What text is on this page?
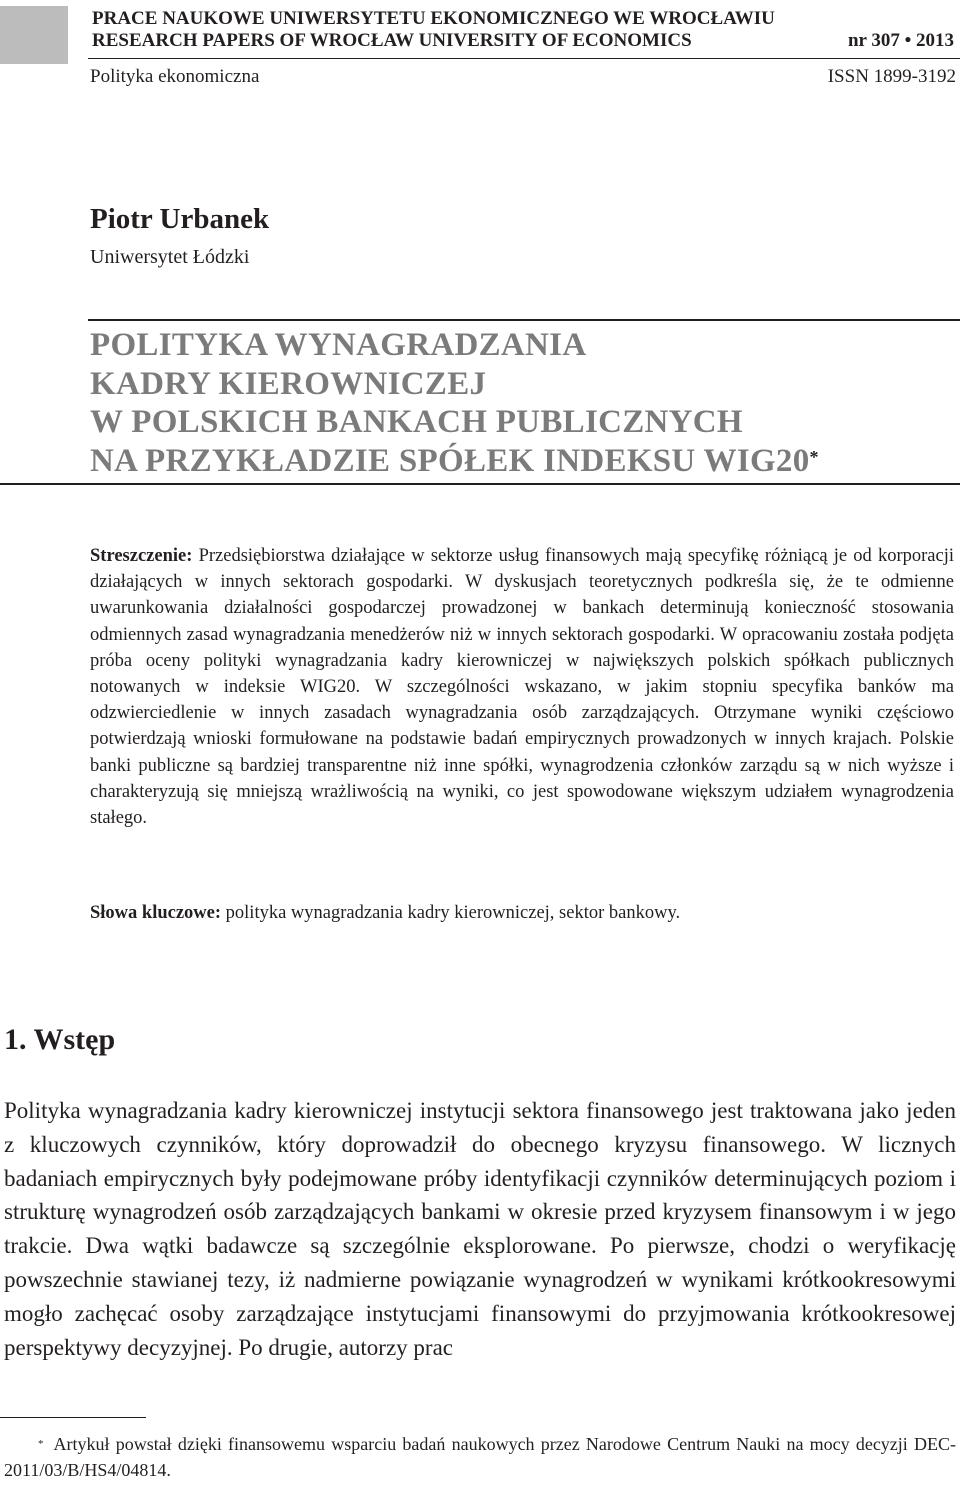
PRACE NAUKOWE UNIWERSYTETU EKONOMICZNEGO WE WROCŁAWIU
RESEARCH PAPERS OF WROCŁAW UNIVERSITY OF ECONOMICS	nr 307 • 2013
Polityka ekonomiczna	ISSN 1899-3192
Piotr Urbanek
Uniwersytet Łódzki
POLITYKA WYNAGRADZANIA
KADRY KIEROWNICZEJ
W POLSKICH BANKACH PUBLICZNYCH
NA PRZYKŁADZIE SPÓŁEK INDEKSU WIG20*
Streszczenie: Przedsiębiorstwa działające w sektorze usług finansowych mają specyfikę różniącą je od korporacji działających w innych sektorach gospodarki. W dyskusjach teoretycznych podkreśla się, że te odmienne uwarunkowania działalności gospodarczej prowadzonej w bankach determinują konieczność stosowania odmiennych zasad wynagradzania menedżerów niż w innych sektorach gospodarki. W opracowaniu została podjęta próba oceny polityki wynagradzania kadry kierowniczej w największych polskich spółkach publicznych notowanych w indeksie WIG20. W szczególności wskazano, w jakim stopniu specyfika banków ma odzwierciedlenie w innych zasadach wynagradzania osób zarządzających. Otrzymane wyniki częściowo potwierdzają wnioski formułowane na podstawie badań empirycznych prowadzonych w innych krajach. Polskie banki publiczne są bardziej transparentne niż inne spółki, wynagrodzenia członków zarządu są w nich wyższe i charakteryzują się mniejszą wrażliwością na wyniki, co jest spowodowane większym udziałem wynagrodzenia stałego.
Słowa kluczowe: polityka wynagradzania kadry kierowniczej, sektor bankowy.
1. Wstęp
Polityka wynagradzania kadry kierowniczej instytucji sektora finansowego jest traktowana jako jeden z kluczowych czynników, który doprowadził do obecnego kryzysu finansowego. W licznych badaniach empirycznych były podejmowane próby identyfikacji czynników determinujących poziom i strukturę wynagrodzeń osób zarządzających bankami w okresie przed kryzysem finansowym i w jego trakcie. Dwa wątki badawcze są szczególnie eksplorowane. Po pierwsze, chodzi o weryfikację powszechnie stawianej tezy, iż nadmierne powiązanie wynagrodzeń w wynikami krótkookresowymi mogło zachęcać osoby zarządzające instytucjami finansowymi do przyjmowania krótkookresowej perspektywy decyzyjnej. Po drugie, autorzy prac
* Artykuł powstał dzięki finansowemu wsparciu badań naukowych przez Narodowe Centrum Nauki na mocy decyzji DEC-2011/03/B/HS4/04814.
